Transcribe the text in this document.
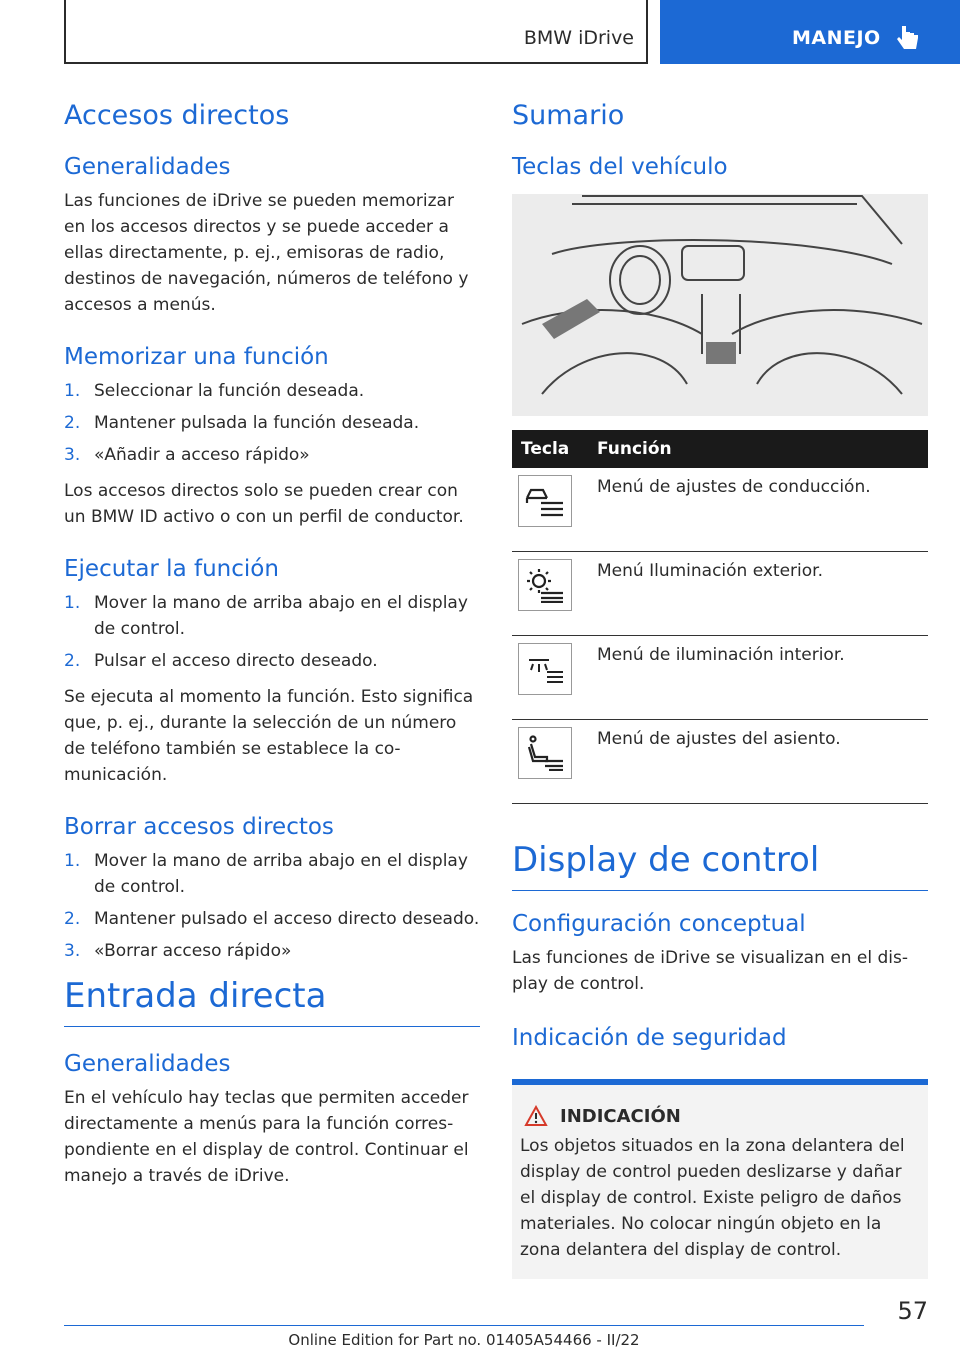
BMW iDrive	MANEJO
Accesos directos
Generalidades

Las funciones de iDrive se pueden memorizar en los accesos directos y se puede acceder a ellas directamente, p. ej., emisoras de radio, destinos de navegación, números de teléfono y accesos a menús.

Memorizar una función
1. Seleccionar la función deseada.
2. Mantener pulsada la función deseada.
3. «Añadir a acceso rápido»

Los accesos directos solo se pueden crear con un BMW ID activo o con un perfil de conductor.

Ejecutar la función
1. Mover la mano de arriba abajo en el display de control.
2. Pulsar el acceso directo deseado.

Se ejecuta al momento la función. Esto significa que, p. ej., durante la selección de un número de teléfono también se establece la comunicación.

Borrar accesos directos
1. Mover la mano de arriba abajo en el display de control.
2. Mantener pulsado el acceso directo deseado.
3. «Borrar acceso rápido»
Entrada directa
Generalidades

En el vehículo hay teclas que permiten acceder directamente a menús para la función correspondiente en el display de control. Continuar el manejo a través de iDrive.

Sumario
Teclas del vehículo
Tecla	Función

	Menú de ajustes de conducción.

	Menú Iluminación exterior.

	Menú de iluminación interior.

	Menú de ajustes del asiento.
Display de control
Configuración conceptual

Las funciones de iDrive se visualizan en el display de control.

Indicación de seguridad
INDICACIÓN

Los objetos situados en la zona delantera del display de control pueden deslizarse y dañar el display de control. Existe peligro de daños materiales. No colocar ningún objeto en la zona delantera del display de control.

57
Online Edition for Part no. 01405A54466 - II/22
